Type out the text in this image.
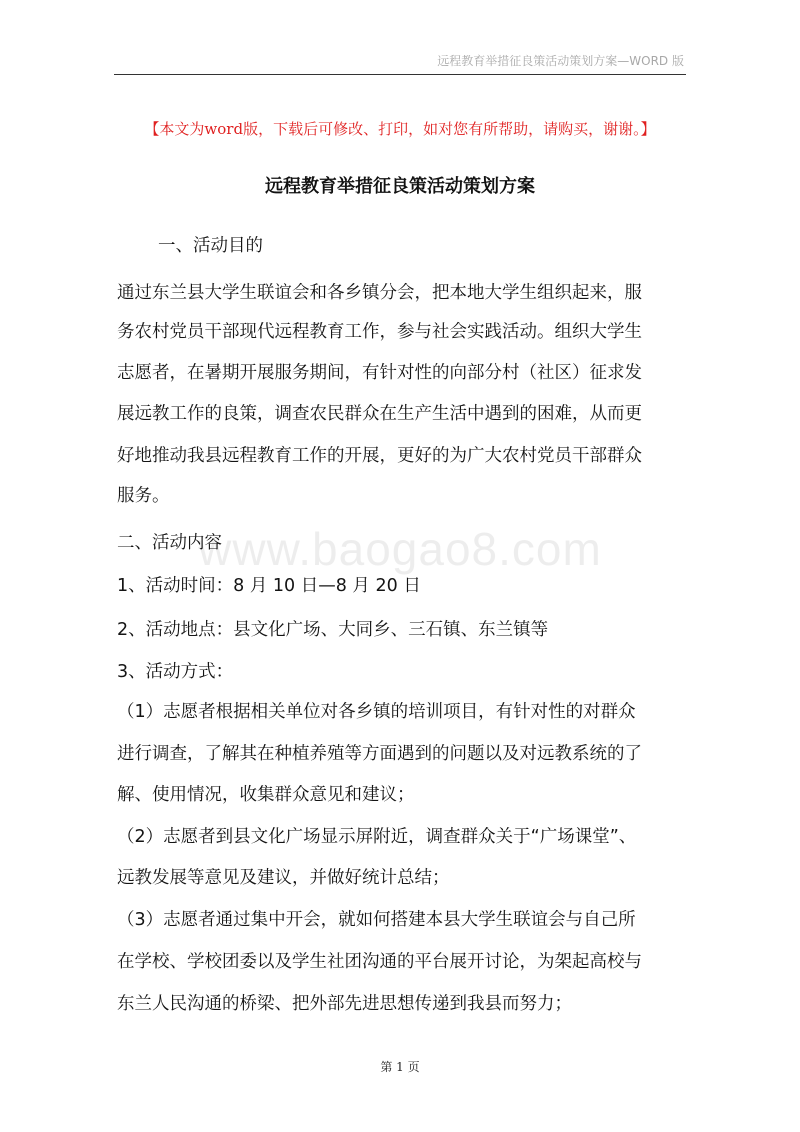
远程教育举措征良策活动策划方案—WORD 版
【本文为word版，下载后可修改、打印，如对您有所帮助，请购买，谢谢。】
远程教育举措征良策活动策划方案
一、活动目的
通过东兰县大学生联谊会和各乡镇分会，把本地大学生组织起来，服
务农村党员干部现代远程教育工作，参与社会实践活动。组织大学生
志愿者，在暑期开展服务期间，有针对性的向部分村（社区）征求发
展远教工作的良策，调查农民群众在生产生活中遇到的困难，从而更
好地推动我县远程教育工作的开展，更好的为广大农村党员干部群众
服务。
二、活动内容
1、活动时间：8 月 10 日—8 月 20 日
2、活动地点：县文化广场、大同乡、三石镇、东兰镇等
3、活动方式：
（1）志愿者根据相关单位对各乡镇的培训项目，有针对性的对群众
进行调查，了解其在种植养殖等方面遇到的问题以及对远教系统的了
解、使用情况，收集群众意见和建议；
（2）志愿者到县文化广场显示屏附近，调查群众关于“广场课堂”、
远教发展等意见及建议，并做好统计总结；
（3）志愿者通过集中开会，就如何搭建本县大学生联谊会与自己所
在学校、学校团委以及学生社团沟通的平台展开讨论，为架起高校与
东兰人民沟通的桥梁、把外部先进思想传递到我县而努力；
www.baogao8.com
第 1 页
